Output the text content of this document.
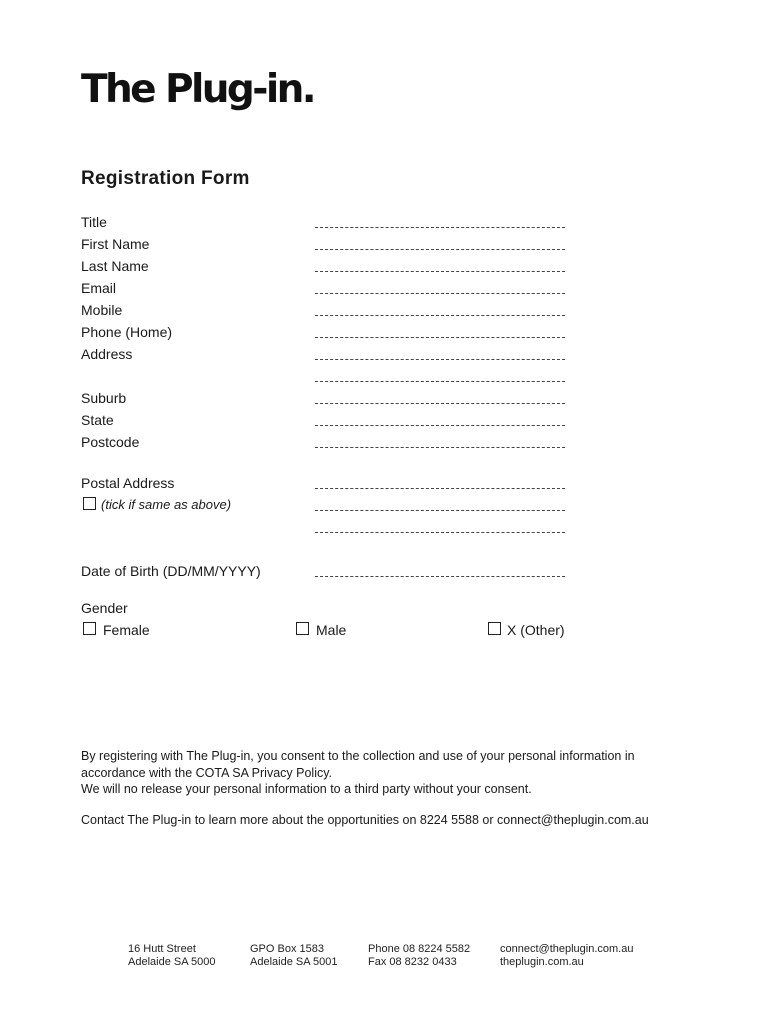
The Plug-in.
Registration Form
Title
First Name
Last Name
Email
Mobile
Phone (Home)
Address
Suburb
State
Postcode
Postal Address
(tick if same as above)
Date of Birth (DD/MM/YYYY)
Gender
Female	Male	X (Other)
By registering with The Plug-in, you consent to the collection and use of your personal information in accordance with the COTA SA Privacy Policy.
We will no release your personal information to a third party without your consent.
Contact The Plug-in to learn more about the opportunities on 8224 5588 or connect@theplugin.com.au
16 Hutt Street
Adelaide SA 5000
GPO Box 1583
Adelaide SA 5001
Phone 08 8224 5582
Fax 08 8232 0433
connect@theplugin.com.au
theplugin.com.au
